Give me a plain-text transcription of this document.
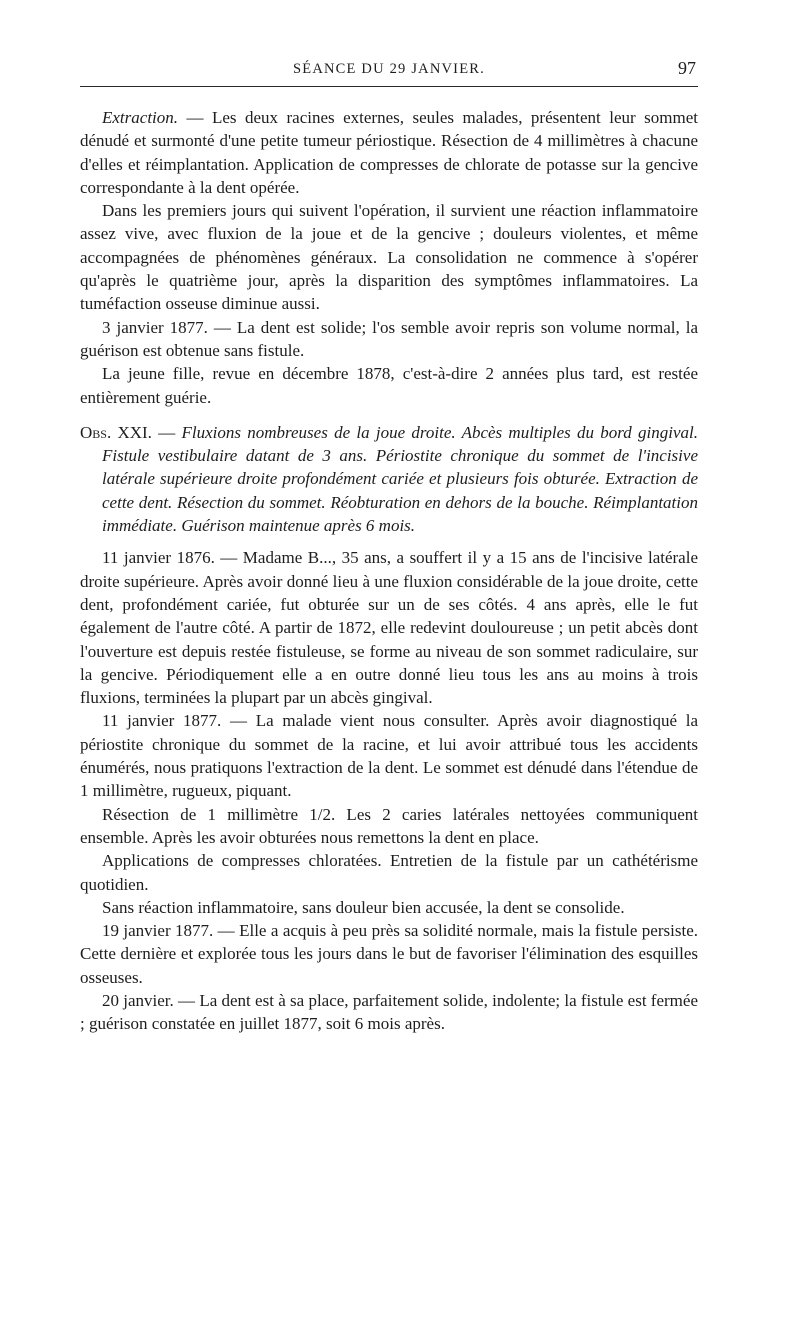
SÉANCE DU 29 JANVIER.	97

Extraction. — Les deux racines externes, seules malades, présentent leur sommet dénudé et surmonté d'une petite tumeur périostique. Résection de 4 millimètres à chacune d'elles et réimplantation. Application de compresses de chlorate de potasse sur la gencive correspondante à la dent opérée.

Dans les premiers jours qui suivent l'opération, il survient une réaction inflammatoire assez vive, avec fluxion de la joue et de la gencive ; douleurs violentes, et même accompagnées de phénomènes généraux. La consolidation ne commence à s'opérer qu'après le quatrième jour, après la disparition des symptômes inflammatoires. La tuméfaction osseuse diminue aussi.

3 janvier 1877. — La dent est solide; l'os semble avoir repris son volume normal, la guérison est obtenue sans fistule.

La jeune fille, revue en décembre 1878, c'est-à-dire 2 années plus tard, est restée entièrement guérie.

Obs. XXI. — Fluxions nombreuses de la joue droite. Abcès multiples du bord gingival. Fistule vestibulaire datant de 3 ans. Périostite chronique du sommet de l'incisive latérale supérieure droite profondément cariée et plusieurs fois obturée. Extraction de cette dent. Résection du sommet. Réobturation en dehors de la bouche. Réimplantation immédiate. Guérison maintenue après 6 mois.

11 janvier 1876. — Madame B..., 35 ans, a souffert il y a 15 ans de l'incisive latérale droite supérieure. Après avoir donné lieu à une fluxion considérable de la joue droite, cette dent, profondément cariée, fut obturée sur un de ses côtés. 4 ans après, elle le fut également de l'autre côté. A partir de 1872, elle redevint douloureuse ; un petit abcès dont l'ouverture est depuis restée fistuleuse, se forme au niveau de son sommet radiculaire, sur la gencive. Périodiquement elle a en outre donné lieu tous les ans au moins à trois fluxions, terminées la plupart par un abcès gingival.

11 janvier 1877. — La malade vient nous consulter. Après avoir diagnostiqué la périostite chronique du sommet de la racine, et lui avoir attribué tous les accidents énumérés, nous pratiquons l'extraction de la dent. Le sommet est dénudé dans l'étendue de 1 millimètre, rugueux, piquant.

Résection de 1 millimètre 1/2. Les 2 caries latérales nettoyées communiquent ensemble. Après les avoir obturées nous remettons la dent en place.

Applications de compresses chloratées. Entretien de la fistule par un cathétérisme quotidien.

Sans réaction inflammatoire, sans douleur bien accusée, la dent se consolide.

19 janvier 1877. — Elle a acquis à peu près sa solidité normale, mais la fistule persiste. Cette dernière et explorée tous les jours dans le but de favoriser l'élimination des esquilles osseuses.

20 janvier. — La dent est à sa place, parfaitement solide, indolente; la fistule est fermée ; guérison constatée en juillet 1877, soit 6 mois après.
